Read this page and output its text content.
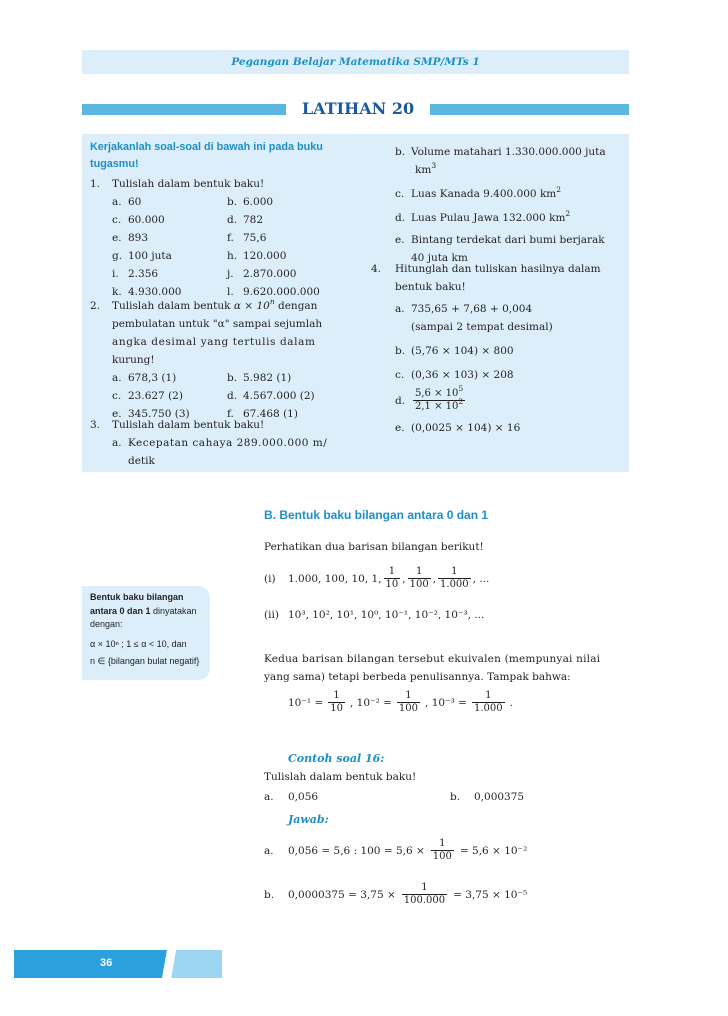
Pegangan Belajar Matematika SMP/MTs 1
LATIHAN 20
Kerjakanlah soal-soal di bawah ini pada buku tugasmu!
1. Tulislah dalam bentuk baku!
a. 60	b. 6.000
c. 60.000	d. 782
e. 893	f. 75,6
g. 100 juta	h. 120.000
i. 2.356	j. 2.870.000
k. 4.930.000	l. 9.620.000.000
2. Tulislah dalam bentuk $\alpha \times 10^n$ dengan
pembulatan untuk "α" sampai sejumlah
angka desimal yang tertulis dalam
kurung!
a. 678,3 (1)	b. 5.982 (1)
c. 23.627 (2)	d. 4.567.000 (2)
e. 345.750 (3)	f. 67.468 (1)
3. Tulislah dalam bentuk baku!
a. Kecepatan cahaya 289.000.000 m/
detik
b. Volume matahari 1.330.000.000 juta
$km^3$
c. Luas Kanada 9.400.000 $km^2$
d. Luas Pulau Jawa 132.000 $km^2$
e. Bintang terdekat dari bumi berjarak
40 juta km
4. Hitunglah dan tuliskan hasilnya dalam
bentuk baku!
a. 735,65 + 7,68 + 0,004
(sampai 2 tempat desimal)
b. (5,76 × 104) × 800
c. (0,36 × 103) × 208
d. $\frac{5,6 \times 10^5}{2,1 \times 10^2}$
e. (0,0025 × 104) × 16
B. Bentuk baku bilangan antara 0 dan 1
Perhatikan dua barisan bilangan berikut!
(i)	1.000, 100, 10, 1, $\frac{1}{10}$ , $\frac{1}{100}$ , $\frac{1}{1.000}$ , ...
(ii) 10³, 10², 10¹, 10⁰, 10⁻¹, 10⁻², 10⁻³, ...
Kedua barisan bilangan tersebut ekuivalen (mempunyai nilai
yang sama) tetapi berbeda penulisannya. Tampak bahwa:
$10^{-1} = \frac{1}{10}$ , $10^{-2} = \frac{1}{100}$ , $10^{-3} = \frac{1}{1.000}$ .
Bentuk baku bilangan
antara 0 dan 1 dinyatakan
dengan:
α × 10ⁿ ; 1 ≤ α < 10, dan
n ∈ {bilangan bulat negatif}
Contoh soal 16:
Tulislah dalam bentuk baku!
a. 0,056	b. 0,000375
Jawab:
a.	0,056 = 5,6 : $100 = 5,6 \times \frac{1}{100} = 5,6 \times 10^{-2}$
b.	$0,0000375 = 3,75 \times \frac{1}{100.000} = 3,75 \times 10^{-5}$
36
